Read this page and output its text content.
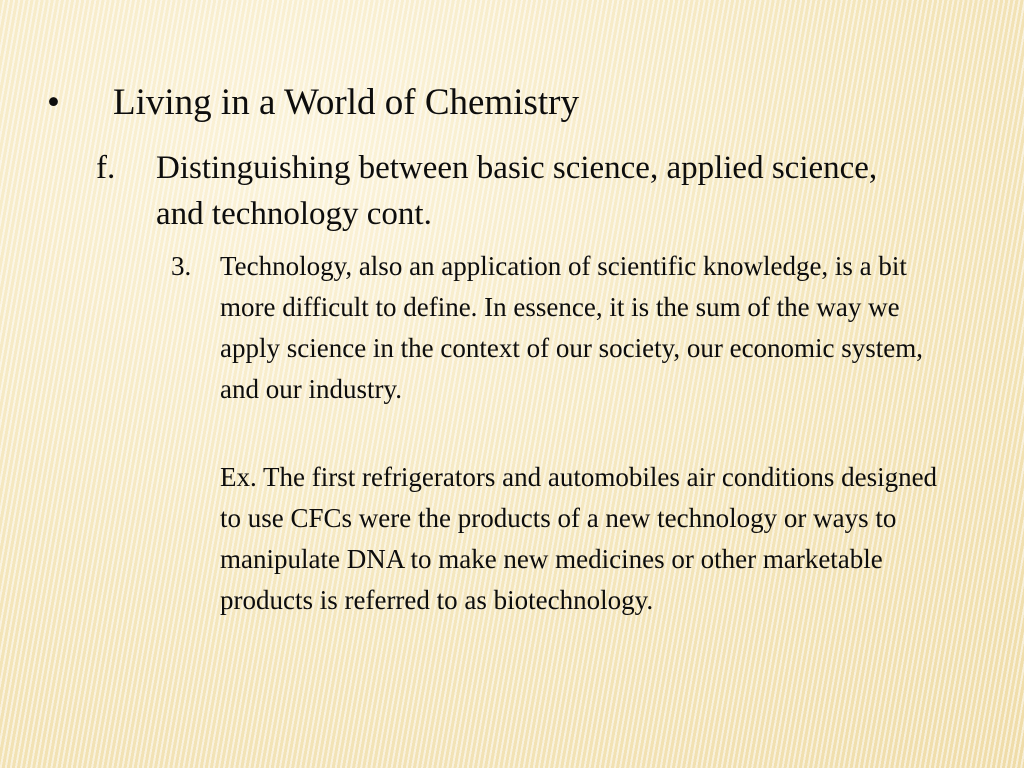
•	Living in a World of Chemistry
f.	Distinguishing between basic science, applied science, and technology cont.
3.	Technology, also an application of scientific knowledge, is a bit more difficult to define. In essence, it is the sum of the way we apply science in the context of our society, our economic system, and our industry.
Ex. The first refrigerators and automobiles air conditions designed to use CFCs were the products of a new technology or ways to manipulate DNA to make new medicines or other marketable products is referred to as biotechnology.
